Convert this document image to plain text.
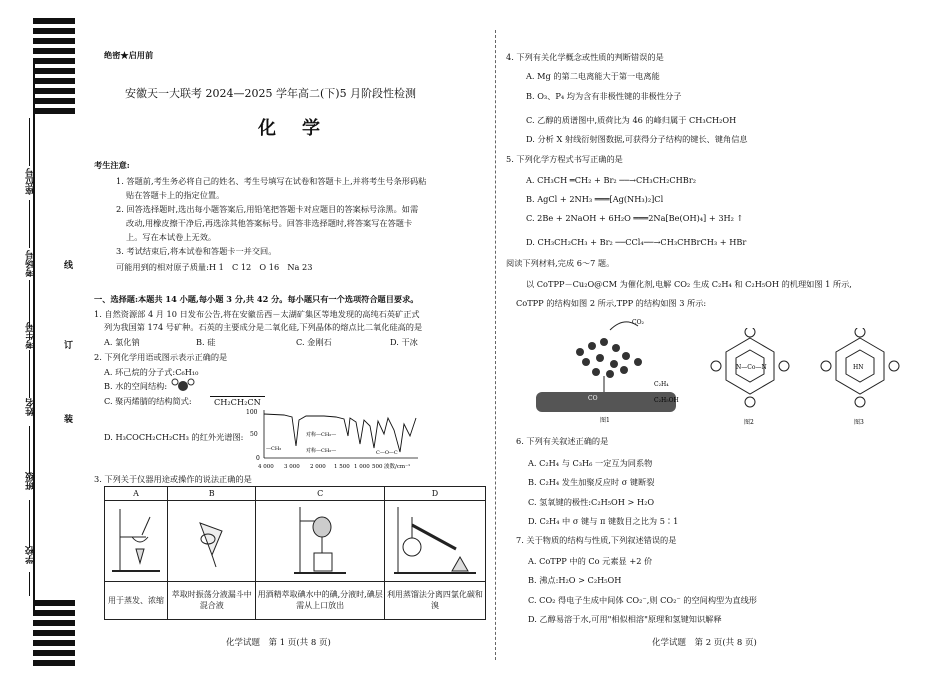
座位号
考场号
考生号
姓名
班级
学校
线
订
装
绝密★启用前
安徽天一大联考 2024—2025 学年高二(下)5 月阶段性检测
化　学
考生注意:
1. 答题前,考生务必将自己的姓名、考生号填写在试卷和答题卡上,并将考生号条形码粘
贴在答题卡上的指定位置。
2. 回答选择题时,选出每小题答案后,用铅笔把答题卡对应题目的答案标号涂黑。如需
改动,用橡皮擦干净后,再选涂其他答案标号。回答非选择题时,将答案写在答题卡
上。写在本试卷上无效。
3. 考试结束后,将本试卷和答题卡一并交回。
可能用到的相对原子质量:H 1　C 12　O 16　Na 23
一、选择题:本题共 14 小题,每小题 3 分,共 42 分。每小题只有一个选项符合题目要求。
1. 自然资源部 4 月 10 日发布公告,将在安徽岳西－太湖矿集区等地发现的高纯石英矿正式
列为我国第 174 号矿种。石英的主要成分是二氧化硅,下列晶体的熔点比二氧化硅高的是
A. 氯化钠	B. 硅	C. 金刚石	D. 干冰
2. 下列化学用语或图示表示正确的是
A. 环己烷的分子式:C₆H₁₀
B. 水的空间结构:
C. 聚丙烯腈的结构简式:	CH₂CH₂CN
D. H₃COCH₂CH₂CH₃ 的红外光谱图:
100
50
0
—CH₃
对称—CH₂—
对称—CH₂—	C—O—C
4 000 3 000 2 000 1 500 1 000 500 波数/cm⁻¹
3. 下列关于仪器用途或操作的说法正确的是
A	B	C	D

用于蒸发、浓缩	萃取时振荡分液漏斗中混合液	用酒精萃取碘水中的碘,分液时,碘层需从上口放出	利用蒸馏法分离四氯化碳和溴
化学试题　第 1 页(共 8 页)
4. 下列有关化学概念或性质的判断错误的是
A. Mg 的第二电离能大于第一电离能
B. O₃、P₄ 均为含有非极性键的非极性分子
C. 乙醇的质谱图中,质荷比为 46 的峰归属于 CH₃CH₂OH
D. 分析 X 射线衍射图数据,可获得分子结构的键长、键角信息
5. 下列化学方程式书写正确的是
A. CH₃CH ═CH₂ + Br₂ ──→CH₃CH₂CHBr₂
B. AgCl + 2NH₃ ═══[Ag(NH₃)₂]Cl
C. 2Be + 2NaOH + 6H₂O ═══2Na[Be(OH)₄] + 3H₂ ↑
D. CH₃CH₂CH₃ + Br₂ ──CCl₄──→CH₃CHBrCH₃ + HBr
阅读下列材料,完成 6～7 题。
以 CoTPP－Cu₂O@CM 为催化剂,电解 CO₂ 生成 C₂H₄ 和 C₂H₅OH 的机理如图 1 所示,
CoTPP 的结构如图 2 所示,TPP 的结构如图 3 所示:
CO₂
CO
C₂H₄
C₂H₅OH
图1
N—Co—N
图2
HN
图3
6. 下列有关叙述正确的是
A. C₂H₄ 与 C₃H₆ 一定互为同系物
B. C₂H₄ 发生加聚反应时 σ 键断裂
C. 氢氧键的极性:C₂H₅OH > H₂O
D. C₂H₄ 中 σ 键与 π 键数目之比为 5∶1
7. 关于物质的结构与性质,下列叙述错误的是
A. CoTPP 中的 Co 元素显 +2 价
B. 沸点:H₂O > C₂H₅OH
C. CO₂ 得电子生成中间体 CO₂⁻,则 CO₂⁻ 的空间构型为直线形
D. 乙醇易溶于水,可用"相似相溶"原理和氢键知识解释
化学试题　第 2 页(共 8 页)
